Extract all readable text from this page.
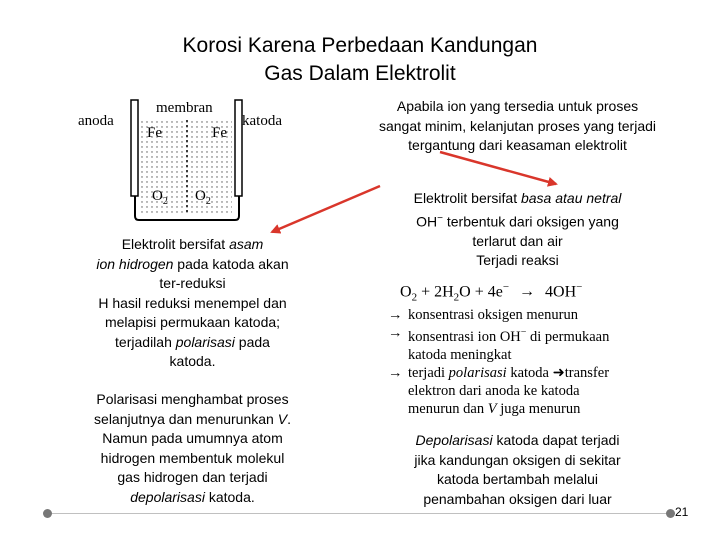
Korosi Karena Perbedaan Kandungan
Gas Dalam Elektrolit
anoda	katoda
membran
Fe	Fe
$O_2$ $O_2$
Apabila ion yang tersedia untuk proses
sangat minim, kelanjutan proses yang terjadi
tergantung dari keasaman elektrolit
Elektrolit bersifat asam
ion hidrogen pada katoda akan
ter-reduksi
H hasil reduksi menempel dan
melapisi permukaan katoda;
terjadilah polarisasi pada
katoda.
Polarisasi menghambat proses
selanjutnya dan menurunkan V.
Namun pada umumnya atom
hidrogen membentuk molekul
gas hidrogen dan terjadi
depolarisasi katoda.
Elektrolit bersifat basa atau netral
OH− terbentuk dari oksigen yang
terlarut dan air
Terjadi reaksi
$O_2 + 2H_2O + 4e^- \to 4OH^-$
→ konsentrasi oksigen menurun
→ konsentrasi ion OH− di permukaan
katoda meningkat
→ terjadi polarisasi katoda ➜transfer
elektron dari anoda ke katoda
menurun dan V juga menurun
Depolarisasi katoda dapat terjadi
jika kandungan oksigen di sekitar
katoda bertambah melalui
penambahan oksigen dari luar
21
